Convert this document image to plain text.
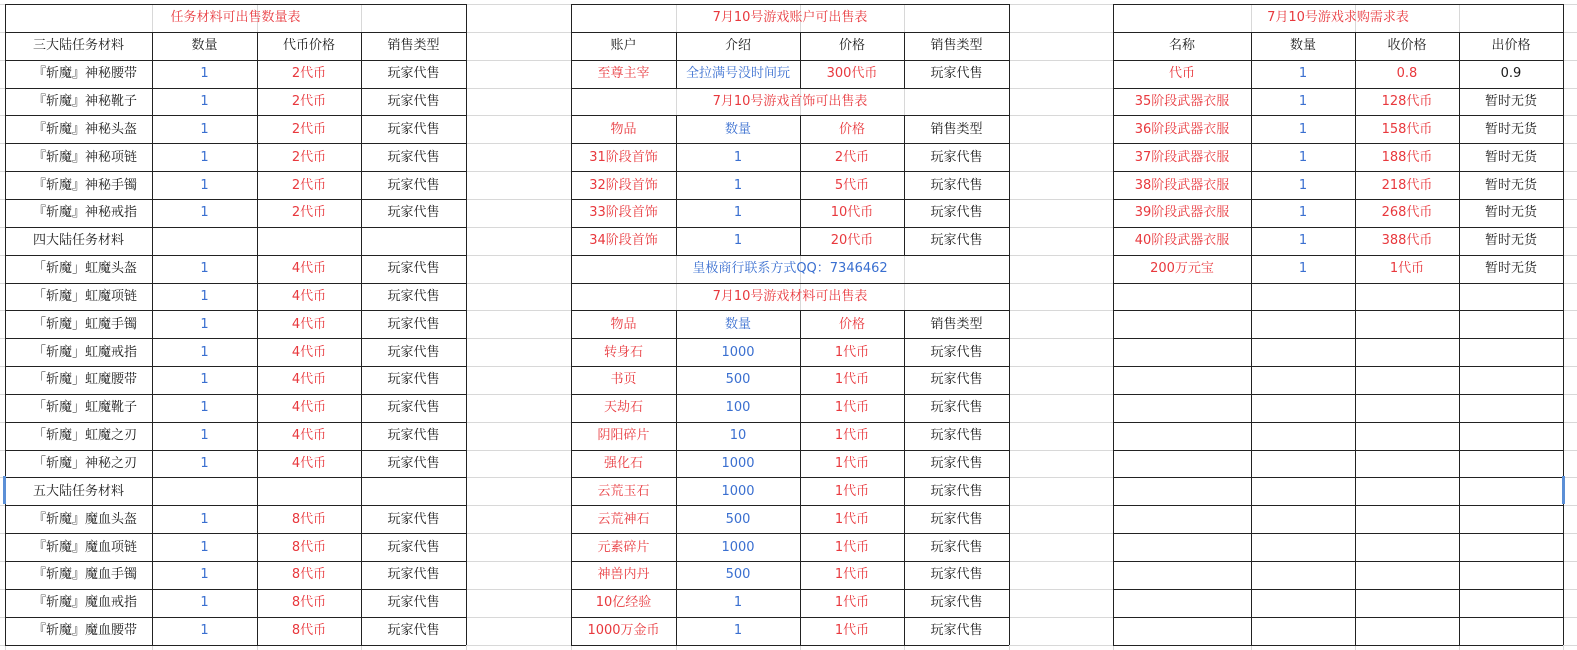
任务材料可出售数量表
三大陆任务材料	数量	代币价格	销售类型
『斩魔』神秘腰带	1	2代币	玩家代售
『斩魔』神秘靴子	1	2代币	玩家代售
『斩魔』神秘头盔	1	2代币	玩家代售
『斩魔』神秘项链	1	2代币	玩家代售
『斩魔』神秘手镯	1	2代币	玩家代售
『斩魔』神秘戒指	1	2代币	玩家代售
四大陆任务材料
「斩魔」虹魔头盔	1	4代币	玩家代售
「斩魔」虹魔项链	1	4代币	玩家代售
「斩魔」虹魔手镯	1	4代币	玩家代售
「斩魔」虹魔戒指	1	4代币	玩家代售
「斩魔」虹魔腰带	1	4代币	玩家代售
「斩魔」虹魔靴子	1	4代币	玩家代售
「斩魔」虹魔之刃	1	4代币	玩家代售
「斩魔」神秘之刃	1	4代币	玩家代售
五大陆任务材料
『斩魔』魔血头盔	1	8代币	玩家代售
『斩魔』魔血项链	1	8代币	玩家代售
『斩魔』魔血手镯	1	8代币	玩家代售
『斩魔』魔血戒指	1	8代币	玩家代售
『斩魔』魔血腰带	1	8代币	玩家代售
7月10号游戏账户可出售表
账户	介绍	价格	销售类型
至尊主宰	全拉满号没时间玩	300代币	玩家代售
7月10号游戏首饰可出售表
物品	数量	价格	销售类型
31阶段首饰	1	2代币	玩家代售
32阶段首饰	1	5代币	玩家代售
33阶段首饰	1	10代币	玩家代售
34阶段首饰	1	20代币	玩家代售
皇极商行联系方式QQ：7346462
7月10号游戏材料可出售表
物品	数量	价格	销售类型
转身石	1000	1代币	玩家代售
书页	500	1代币	玩家代售
天劫石	100	1代币	玩家代售
阴阳碎片	10	1代币	玩家代售
强化石	1000	1代币	玩家代售
云荒玉石	1000	1代币	玩家代售
云荒神石	500	1代币	玩家代售
元素碎片	1000	1代币	玩家代售
神兽内丹	500	1代币	玩家代售
10亿经验	1	1代币	玩家代售
1000万金币	1	1代币	玩家代售
7月10号游戏求购需求表
名称	数量	收价格	出价格
代币	1	0.8	0.9
35阶段武器衣服	1	128代币	暂时无货
36阶段武器衣服	1	158代币	暂时无货
37阶段武器衣服	1	188代币	暂时无货
38阶段武器衣服	1	218代币	暂时无货
39阶段武器衣服	1	268代币	暂时无货
40阶段武器衣服	1	388代币	暂时无货
200万元宝	1	1代币	暂时无货
